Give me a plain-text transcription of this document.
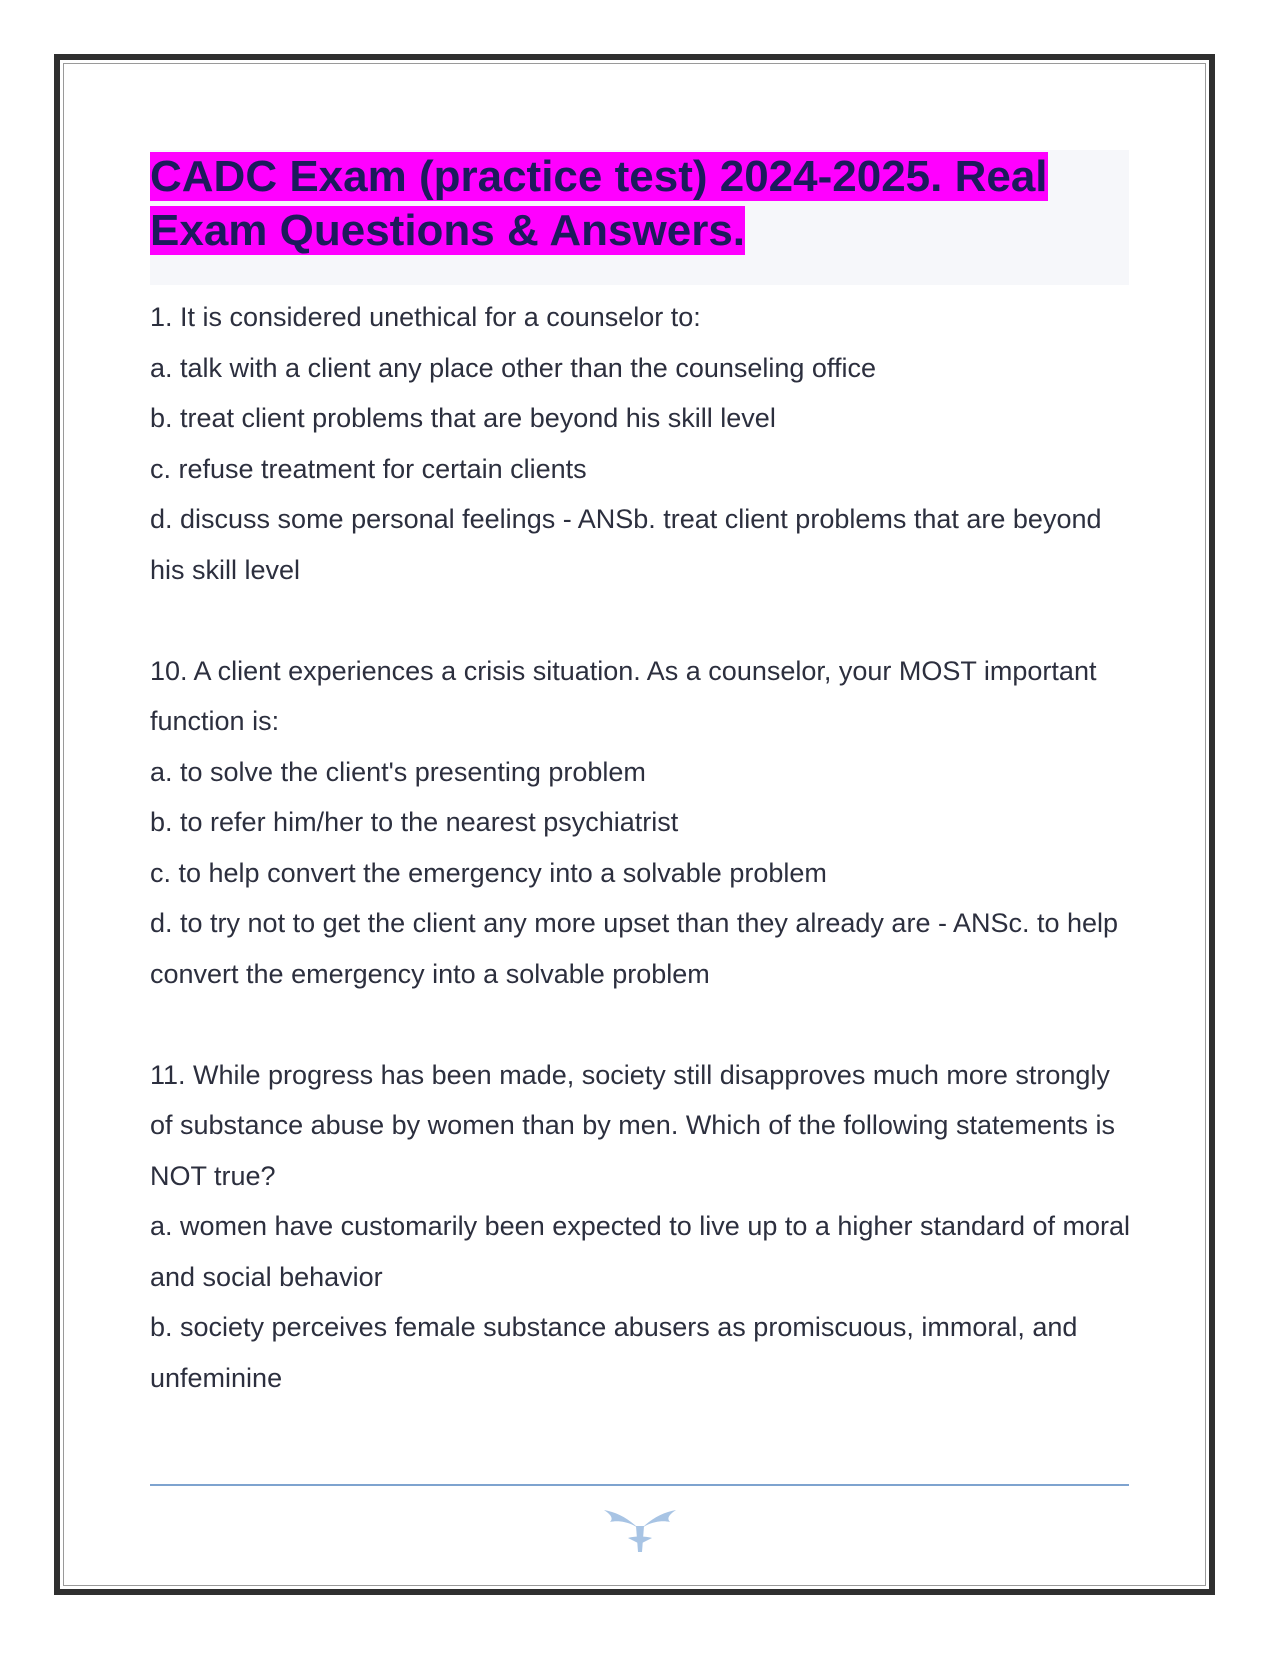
CADC Exam (practice test) 2024-2025. Real Exam Questions & Answers.

1. It is considered unethical for a counselor to:

a. talk with a client any place other than the counseling office

b. treat client problems that are beyond his skill level

c. refuse treatment for certain clients

d. discuss some personal feelings - ANSb. treat client problems that are beyond his skill level

10. A client experiences a crisis situation. As a counselor, your MOST important function is:

a. to solve the client's presenting problem

b. to refer him/her to the nearest psychiatrist

c. to help convert the emergency into a solvable problem

d. to try not to get the client any more upset than they already are - ANSc. to help convert the emergency into a solvable problem

11. While progress has been made, society still disapproves much more strongly of substance abuse by women than by men. Which of the following statements is NOT true?

a. women have customarily been expected to live up to a higher standard of moral and social behavior

b. society perceives female substance abusers as promiscuous, immoral, and unfeminine
